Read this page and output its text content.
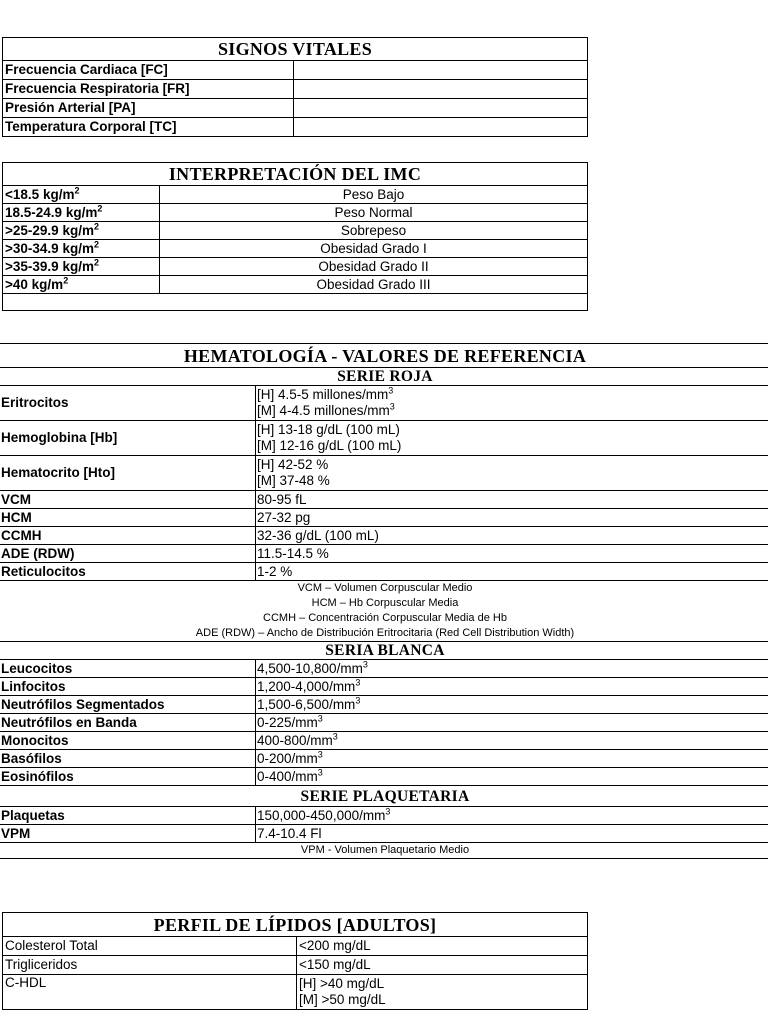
SIGNOS VITALES	
Frecuencia Cardiaca [FC]	
Frecuencia Respiratoria [FR]	
Presión Arterial [PA]	
Temperatura Corporal [TC]	
INTERPRETACIÓN DEL IMC	
<18.5 $kg/m^2$	Peso Bajo
18.5-24.9 $kg/m^2$	Peso Normal
>25-29.9 $kg/m^2$	Sobrepeso
>30-34.9 $kg/m^2$	Obesidad Grado I
>35-39.9 $kg/m^2$	Obesidad Grado II
>40 $kg/m^2$	Obesidad Grado III

HEMATOLOGÍA - VALORES DE REFERENCIA	
SERIE ROJA	
Eritrocitos	[H] 4.5-5 millones/$mm^3$
[M] 4-4.5 millones/$mm^3$

Hemoglobina [Hb]	[H] 13-18 g/dL (100 mL)
[M] 12-16 g/dL (100 mL)

Hematocrito [Hto]	[H] 42-52 %
[M] 37-48 %

VCM	80-95 fL
HCM	27-32 pg
CCMH	32-36 g/dL (100 mL)
ADE (RDW)	11.5-14.5 %
Reticulocitos	1-2 %

VCM – Volumen Corpuscular Medio
HCM – Hb Corpuscular Media
CCMH – Concentración Corpuscular Media de Hb
ADE (RDW) – Ancho de Distribución Eritrocitaria (Red Cell Distribution Width)	

SERIA BLANCA	
Leucocitos	$4,500-10,800/mm^3$
Linfocitos	$1,200-4,000/mm^3$
Neutrófilos Segmentados	$1,500-6,500/mm^3$
Neutrófilos en Banda	$0-225/mm^3$
Monocitos	$400-800/mm^3$
Basófilos	$0-200/mm^3$
Eosinófilos	$0-400/mm^3$
SERIE PLAQUETARIA	
Plaquetas	$150,000-450,000/mm^3$
VPM	7.4-10.4 Fl
VPM - Volumen Plaquetario Medio	
PERFIL DE LÍPIDOS [ADULTOS]	
Colesterol Total	<200 mg/dL
Trigliceridos	<150 mg/dL
C-HDL	[H] >40 mg/dL
[M] >50 mg/dL
